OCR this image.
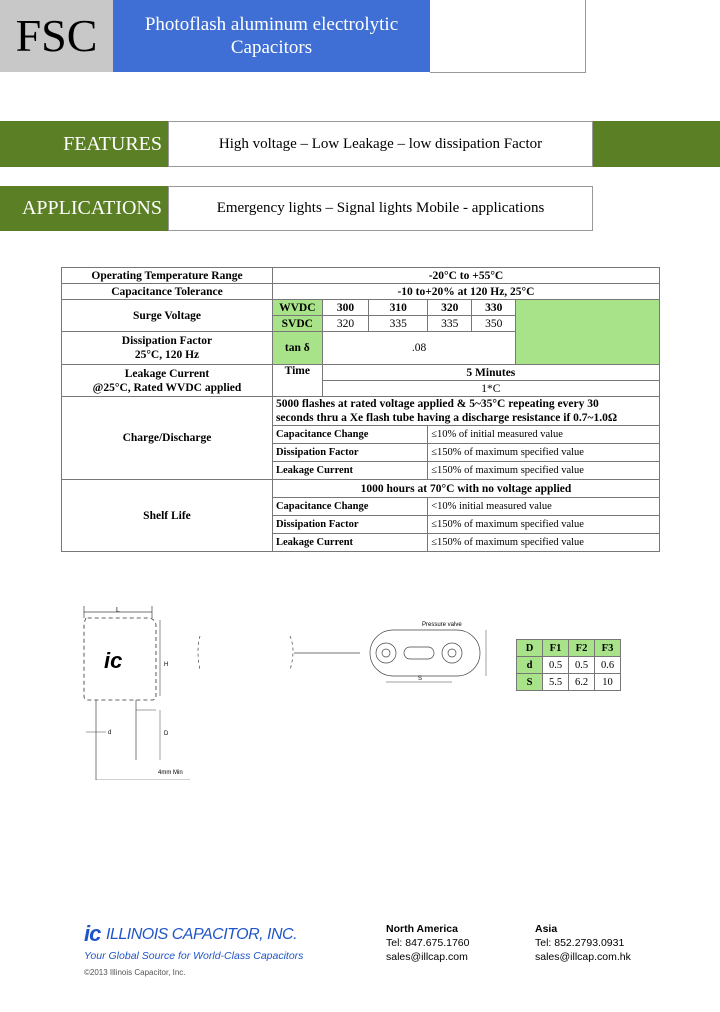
FSC	Photoflash aluminum electrolytic
Capacitors
FEATURES	High voltage – Low Leakage – low dissipation Factor
APPLICATIONS	Emergency lights – Signal lights Mobile - applications
Operating Temperature Range	-20°C to +55°C					
Capacitance Tolerance	-10 to+20% at 120 Hz, 25°C					
Surge Voltage	WVDC	300	310	320	330	
	SVDC	320	335	335	350	

Dissipation Factor
25°C, 120 Hz	tan δ	.08				

Leakage Current
@25°C, Rated WVDC applied	Time	5 Minutes				
		1*C				
Charge/Discharge	5000 flashes at rated voltage applied & 5~35°C repeating every 30
seconds thru a Xe flash tube having a discharge resistance if 0.7~1.0Ω					

	Capacitance Change			≤10% of initial measured value		
	Dissipation Factor			≤150% of maximum specified value		
	Leakage Current			≤150% of maximum specified value		
Shelf Life	1000 hours at 70°C with no voltage applied					
	Capacitance Change			<10% initial measured value		
	Dissipation Factor			≤150% of maximum specified value		
	Leakage Current			≤150% of maximum specified value		
L
ic	H
D
d
4mm Min
Pressure valve
S
D	F1	F2	F3
d	0.5	0.5	0.6
S	5.5	6.2	10
ic ILLINOIS CAPACITOR, INC.
Your Global Source for World-Class Capacitors
©2013 Illinois Capacitor, Inc.
North America
Tel: 847.675.1760
sales@illcap.com
Asia
Tel: 852.2793.0931
sales@illcap.com.hk
